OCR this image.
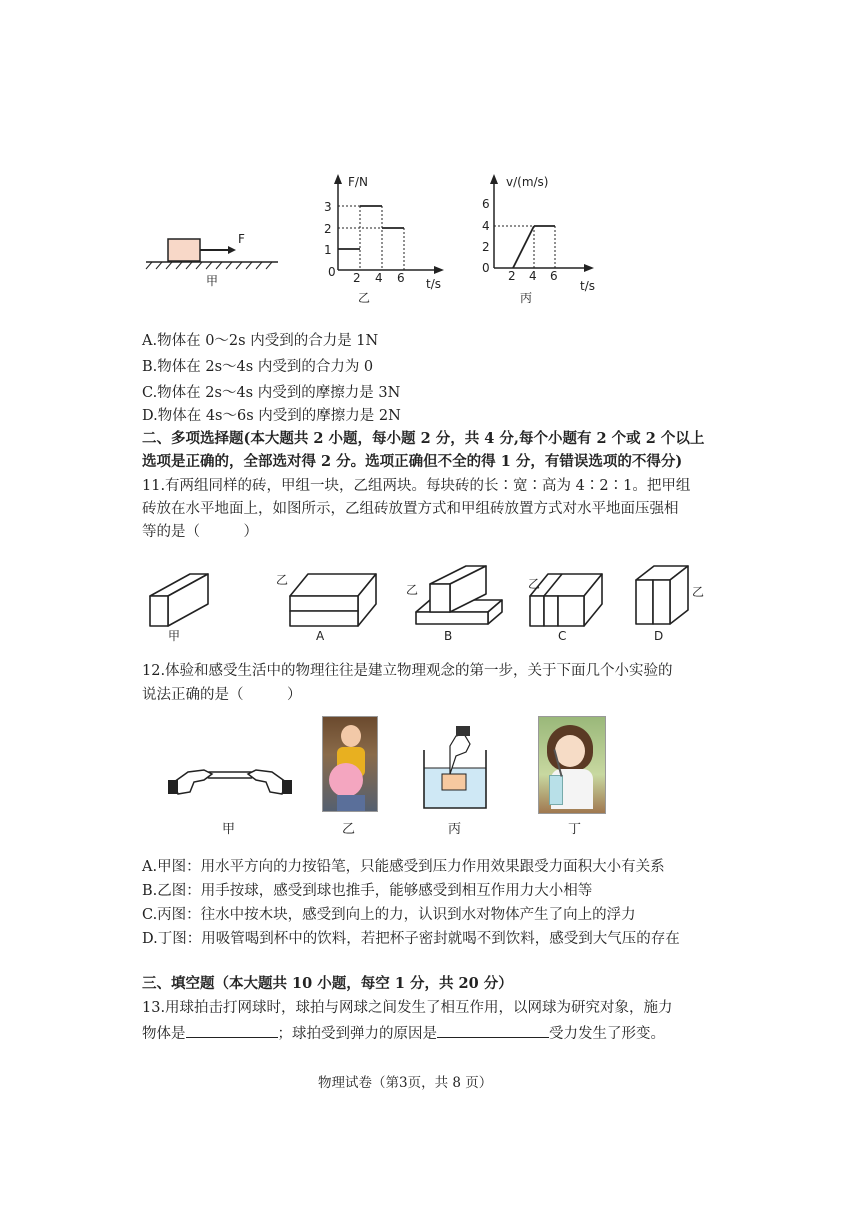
F
甲
F/N
t/s
3
2
1
0 2 4 6
乙
v/(m/s)
t/s
6
4
2
0
2 4 6
丙
A.物体在 0～2s 内受到的合力是 1N
B.物体在 2s～4s 内受到的合力为 0
C.物体在 2s～4s 内受到的摩擦力是 3N
D.物体在 4s～6s 内受到的摩擦力是 2N
二、多项选择题(本大题共 2 小题，每小题 2 分，共 4 分,每个小题有 2 个或 2 个以上
选项是正确的，全部选对得 2 分。选项正确但不全的得 1 分，有错误选项的不得分)
11.有两组同样的砖，甲组一块，乙组两块。每块砖的长∶宽∶高为 4∶2∶1。把甲组
砖放在水平地面上，如图所示，乙组砖放置方式和甲组砖放置方式对水平地面压强相
等的是（　　　）
甲
乙
A
乙
B
乙
C	D
乙
12.体验和感受生活中的物理往往是建立物理观念的第一步，关于下面几个小实验的
说法正确的是（　　　）
甲	乙	丙	丁
A.甲图：用水平方向的力按铅笔，只能感受到压力作用效果跟受力面积大小有关系
B.乙图：用手按球，感受到球也推手，能够感受到相互作用力大小相等
C.丙图：往水中按木块，感受到向上的力，认识到水对物体产生了向上的浮力
D.丁图：用吸管喝到杯中的饮料，若把杯子密封就喝不到饮料，感受到大气压的存在
三、填空题（本大题共 10 小题，每空 1 分，共 20 分）
13.用球拍击打网球时，球拍与网球之间发生了相互作用，以网球为研究对象，施力
物体是	；球拍受到弹力的原因是	受力发生了形变。
物理试卷（第3页，共 8 页）
